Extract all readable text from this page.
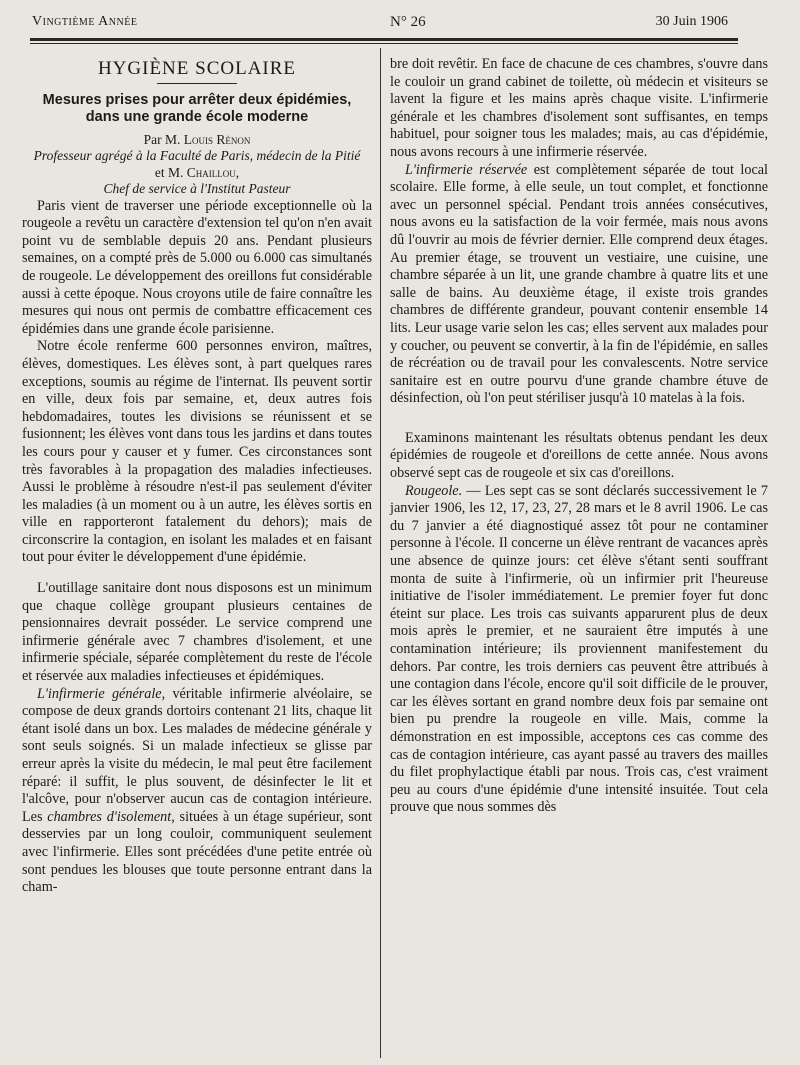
Vingtième Année	N° 26	30 Juin 1906
HYGIÈNE SCOLAIRE
Mesures prises pour arrêter deux épidémies,
dans une grande école moderne
Par M. Louis Rénon
Professeur agrégé à la Faculté de Paris, médecin de la Pitié
et M. Chaillou,
Chef de service à l'Institut Pasteur

Paris vient de traverser une période exceptionnelle où la rougeole a revêtu un caractère d'extension tel qu'on n'en avait point vu de semblable depuis 20 ans. Pendant plusieurs semaines, on a compté près de 5.000 ou 6.000 cas simultanés de rougeole. Le développement des oreillons fut considérable aussi à cette époque. Nous croyons utile de faire connaître les mesures qui nous ont permis de combattre efficacement ces épidémies dans une grande école parisienne.

Notre école renferme 600 personnes environ, maîtres, élèves, domestiques. Les élèves sont, à part quelques rares exceptions, soumis au régime de l'internat. Ils peuvent sortir en ville, deux fois par semaine, et, deux autres fois hebdomadaires, toutes les divisions se réunissent et se fusionnent; les élèves vont dans tous les jardins et dans toutes les cours pour y causer et y fumer. Ces circonstances sont très favorables à la propagation des maladies infectieuses. Aussi le problème à résoudre n'est-il pas seulement d'éviter les maladies (à un moment ou à un autre, les élèves sortis en ville en rapporteront fatalement du dehors); mais de circonscrire la contagion, en isolant les malades et en faisant tout pour éviter le développement d'une épidémie.

L'outillage sanitaire dont nous disposons est un minimum que chaque collège groupant plusieurs centaines de pensionnaires devrait posséder. Le service comprend une infirmerie générale avec 7 chambres d'isolement, et une infirmerie spéciale, séparée complètement du reste de l'école et réservée aux maladies infectieuses et épidémiques.

L'infirmerie générale, véritable infirmerie alvéolaire, se compose de deux grands dortoirs contenant 21 lits, chaque lit étant isolé dans un box. Les malades de médecine générale y sont seuls soignés. Si un malade infectieux se glisse par erreur après la visite du médecin, le mal peut être facilement réparé: il suffit, le plus souvent, de désinfecter le lit et l'alcôve, pour n'observer aucun cas de contagion intérieure. Les chambres d'isolement, situées à un étage supérieur, sont desservies par un long couloir, communiquent seulement avec l'infirmerie. Elles sont précédées d'une petite entrée où sont pendues les blouses que toute personne entrant dans la cham-

bre doit revêtir. En face de chacune de ces chambres, s'ouvre dans le couloir un grand cabinet de toilette, où médecin et visiteurs se lavent la figure et les mains après chaque visite. L'infirmerie générale et les chambres d'isolement sont suffisantes, en temps habituel, pour soigner tous les malades; mais, au cas d'épidémie, nous avons recours à une infirmerie réservée.

L'infirmerie réservée est complètement séparée de tout local scolaire. Elle forme, à elle seule, un tout complet, et fonctionne avec un personnel spécial. Pendant trois années consécutives, nous avons eu la satisfaction de la voir fermée, mais nous avons dû l'ouvrir au mois de février dernier. Elle comprend deux étages. Au premier étage, se trouvent un vestiaire, une cuisine, une chambre séparée à un lit, une grande chambre à quatre lits et une salle de bains. Au deuxième étage, il existe trois grandes chambres de différente grandeur, pouvant contenir ensemble 14 lits. Leur usage varie selon les cas; elles servent aux malades pour y coucher, ou peuvent se convertir, à la fin de l'épidémie, en salles de récréation ou de travail pour les convalescents. Notre service sanitaire est en outre pourvu d'une grande chambre étuve de désinfection, où l'on peut stériliser jusqu'à 10 matelas à la fois.

Examinons maintenant les résultats obtenus pendant les deux épidémies de rougeole et d'oreillons de cette année. Nous avons observé sept cas de rougeole et six cas d'oreillons.

Rougeole. — Les sept cas se sont déclarés successivement le 7 janvier 1906, les 12, 17, 23, 27, 28 mars et le 8 avril 1906. Le cas du 7 janvier a été diagnostiqué assez tôt pour ne contaminer personne à l'école. Il concerne un élève rentrant de vacances après une absence de quinze jours: cet élève s'étant senti souffrant monta de suite à l'infirmerie, où un infirmier prit l'heureuse initiative de l'isoler immédiatement. Le premier foyer fut donc éteint sur place. Les trois cas suivants apparurent plus de deux mois après le premier, et ne sauraient être imputés à une contamination intérieure; ils proviennent manifestement du dehors. Par contre, les trois derniers cas peuvent être attribués à une contagion dans l'école, encore qu'il soit difficile de le prouver, car les élèves sortant en grand nombre deux fois par semaine ont bien pu prendre la rougeole en ville. Mais, comme la démonstration en est impossible, acceptons ces cas comme des cas de contagion intérieure, cas ayant passé au travers des mailles du filet prophylactique établi par nous. Trois cas, c'est vraiment peu au cours d'une épidémie d'une intensité insuitée. Tout cela prouve que nous sommes dès
